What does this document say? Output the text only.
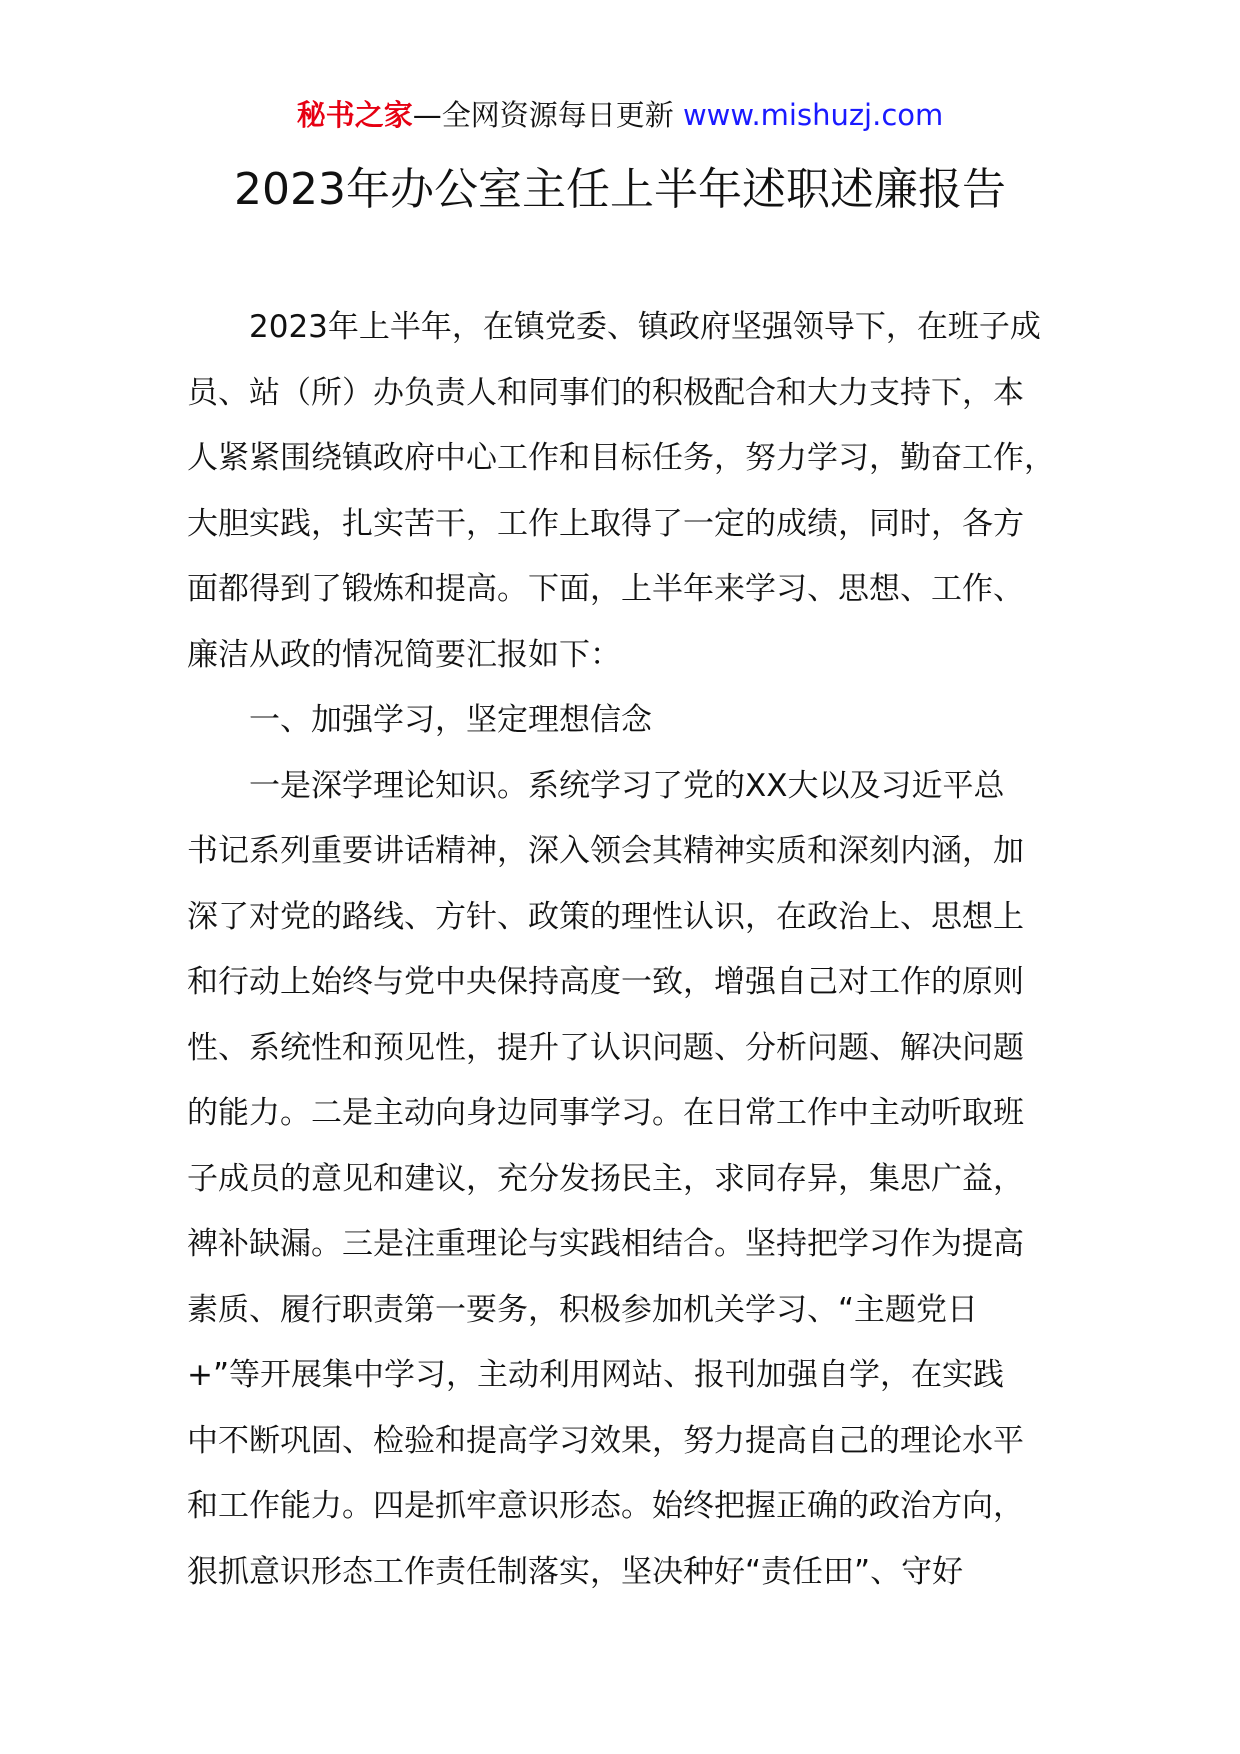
秘书之家—全网资源每日更新 www.mishuzj.com
2023年办公室主任上半年述职述廉报告
2023年上半年，在镇党委、镇政府坚强领导下，在班子成
员、站（所）办负责人和同事们的积极配合和大力支持下，本
人紧紧围绕镇政府中心工作和目标任务，努力学习，勤奋工作，
大胆实践，扎实苦干，工作上取得了一定的成绩，同时，各方
面都得到了锻炼和提高。下面，上半年来学习、思想、工作、
廉洁从政的情况简要汇报如下：
一、加强学习，坚定理想信念
一是深学理论知识。系统学习了党的XX大以及习近平总
书记系列重要讲话精神，深入领会其精神实质和深刻内涵，加
深了对党的路线、方针、政策的理性认识，在政治上、思想上
和行动上始终与党中央保持高度一致，增强自己对工作的原则
性、系统性和预见性，提升了认识问题、分析问题、解决问题
的能力。二是主动向身边同事学习。在日常工作中主动听取班
子成员的意见和建议，充分发扬民主，求同存异，集思广益，
裨补缺漏。三是注重理论与实践相结合。坚持把学习作为提高
素质、履行职责第一要务，积极参加机关学习、“主题党日
+”等开展集中学习，主动利用网站、报刊加强自学，在实践
中不断巩固、检验和提高学习效果，努力提高自己的理论水平
和工作能力。四是抓牢意识形态。始终把握正确的政治方向，
狠抓意识形态工作责任制落实，坚决种好“责任田”、守好
